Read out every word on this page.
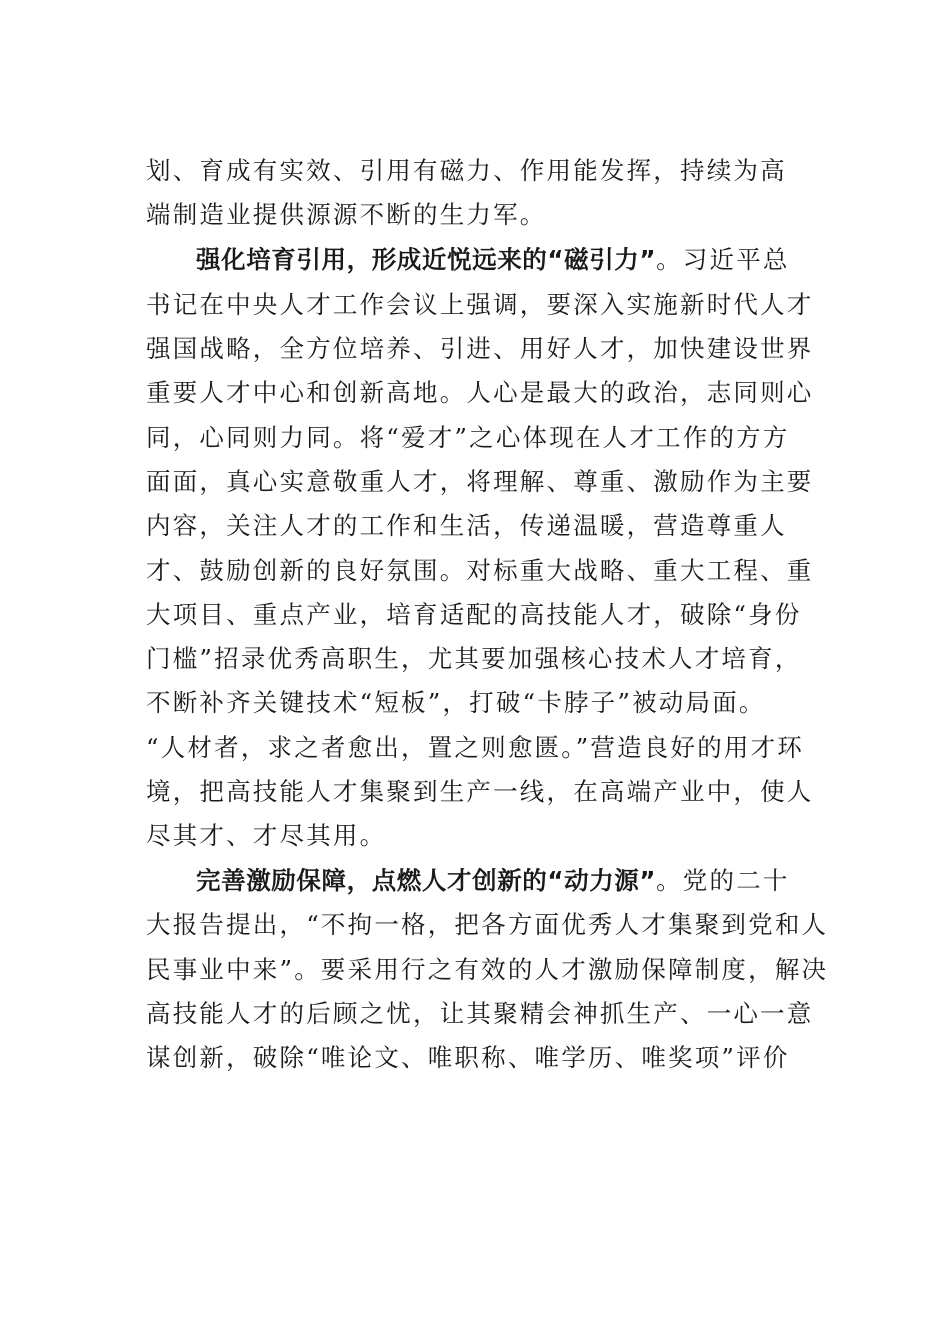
划、育成有实效、引用有磁力、作用能发挥，持续为高
端制造业提供源源不断的生力军。
强化培育引用，形成近悦远来的“磁引力”。习近平总
书记在中央人才工作会议上强调，要深入实施新时代人才
强国战略，全方位培养、引进、用好人才，加快建设世界
重要人才中心和创新高地。人心是最大的政治，志同则心
同，心同则力同。将“爱才”之心体现在人才工作的方方
面面，真心实意敬重人才，将理解、尊重、激励作为主要
内容，关注人才的工作和生活，传递温暖，营造尊重人
才、鼓励创新的良好氛围。对标重大战略、重大工程、重
大项目、重点产业，培育适配的高技能人才，破除“身份
门槛”招录优秀高职生，尤其要加强核心技术人才培育，
不断补齐关键技术“短板”，打破“卡脖子”被动局面。
“人材者，求之者愈出，置之则愈匮。”营造良好的用才环
境，把高技能人才集聚到生产一线，在高端产业中，使人
尽其才、才尽其用。
完善激励保障，点燃人才创新的“动力源”。党的二十
大报告提出，“不拘一格，把各方面优秀人才集聚到党和人
民事业中来”。要采用行之有效的人才激励保障制度，解决
高技能人才的后顾之忧，让其聚精会神抓生产、一心一意
谋创新，破除“唯论文、唯职称、唯学历、唯奖项”评价
